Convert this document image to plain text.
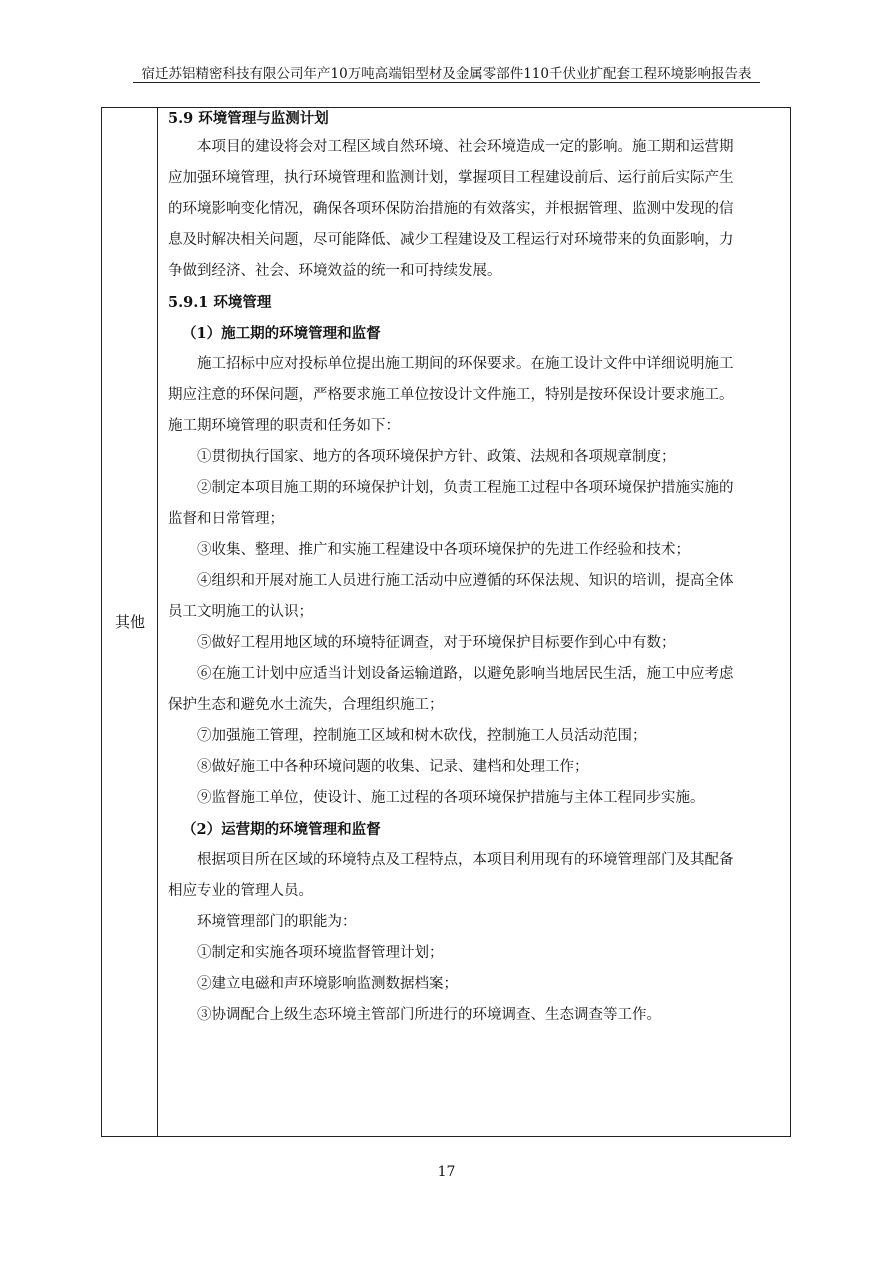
宿迁苏铝精密科技有限公司年产10万吨高端铝型材及金属零部件110千伏业扩配套工程环境影响报告表
其他
5.9 环境管理与监测计划
本项目的建设将会对工程区域自然环境、社会环境造成一定的影响。施工期和运营期
应加强环境管理，执行环境管理和监测计划，掌握项目工程建设前后、运行前后实际产生
的环境影响变化情况，确保各项环保防治措施的有效落实，并根据管理、监测中发现的信
息及时解决相关问题，尽可能降低、减少工程建设及工程运行对环境带来的负面影响，力
争做到经济、社会、环境效益的统一和可持续发展。
5.9.1 环境管理
（1）施工期的环境管理和监督
施工招标中应对投标单位提出施工期间的环保要求。在施工设计文件中详细说明施工
期应注意的环保问题，严格要求施工单位按设计文件施工，特别是按环保设计要求施工。
施工期环境管理的职责和任务如下：
①贯彻执行国家、地方的各项环境保护方针、政策、法规和各项规章制度；
②制定本项目施工期的环境保护计划，负责工程施工过程中各项环境保护措施实施的
监督和日常管理；
③收集、整理、推广和实施工程建设中各项环境保护的先进工作经验和技术；
④组织和开展对施工人员进行施工活动中应遵循的环保法规、知识的培训，提高全体
员工文明施工的认识；
⑤做好工程用地区域的环境特征调查，对于环境保护目标要作到心中有数；
⑥在施工计划中应适当计划设备运输道路，以避免影响当地居民生活，施工中应考虑
保护生态和避免水土流失，合理组织施工；
⑦加强施工管理，控制施工区域和树木砍伐，控制施工人员活动范围；
⑧做好施工中各种环境问题的收集、记录、建档和处理工作；
⑨监督施工单位，使设计、施工过程的各项环境保护措施与主体工程同步实施。
（2）运营期的环境管理和监督
根据项目所在区域的环境特点及工程特点，本项目利用现有的环境管理部门及其配备
相应专业的管理人员。
环境管理部门的职能为：
①制定和实施各项环境监督管理计划；
②建立电磁和声环境影响监测数据档案；
③协调配合上级生态环境主管部门所进行的环境调查、生态调查等工作。
17
